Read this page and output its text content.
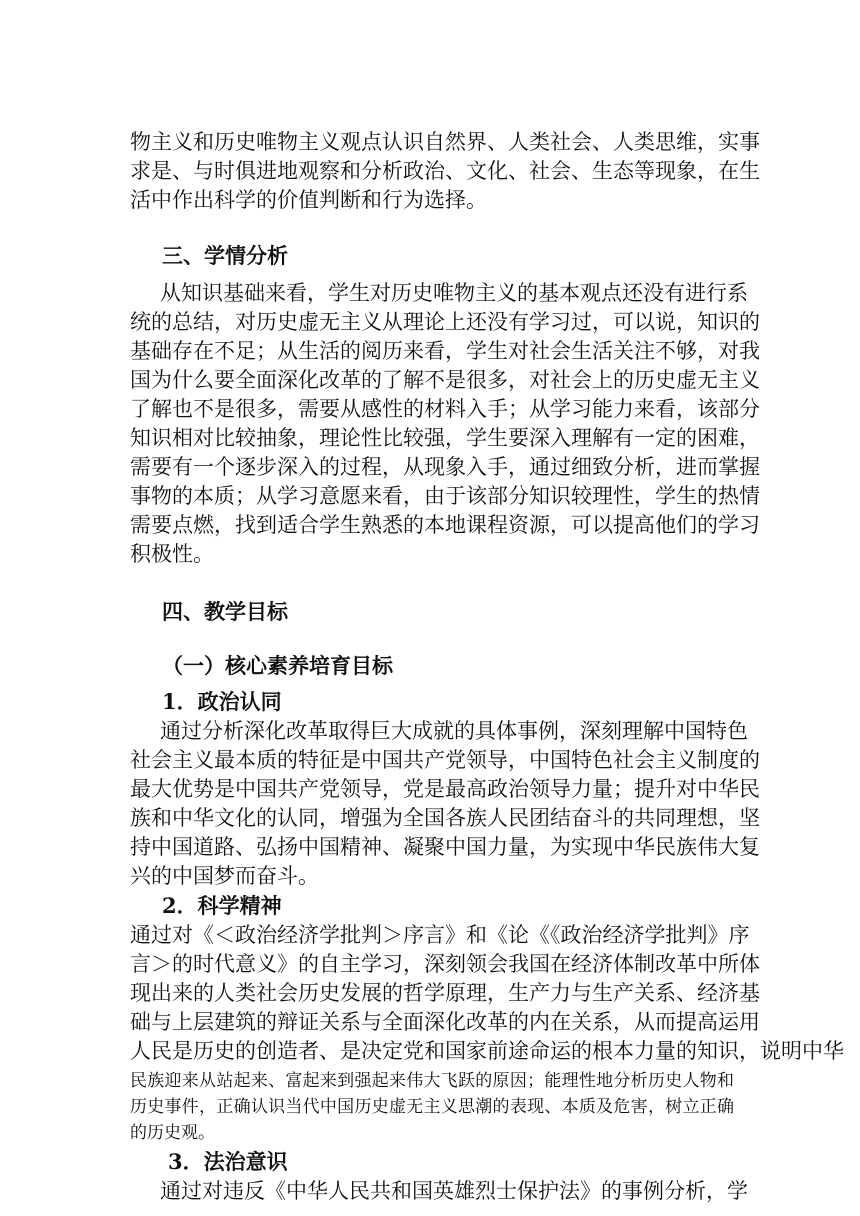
物主义和历史唯物主义观点认识自然界、人类社会、人类思维，实事
求是、与时俱进地观察和分析政治、文化、社会、生态等现象，在生
活中作出科学的价值判断和行为选择。
三、学情分析
从知识基础来看，学生对历史唯物主义的基本观点还没有进行系
统的总结，对历史虚无主义从理论上还没有学习过，可以说，知识的
基础存在不足；从生活的阅历来看，学生对社会生活关注不够，对我
国为什么要全面深化改革的了解不是很多，对社会上的历史虚无主义
了解也不是很多，需要从感性的材料入手；从学习能力来看，该部分
知识相对比较抽象，理论性比较强，学生要深入理解有一定的困难，
需要有一个逐步深入的过程，从现象入手，通过细致分析，进而掌握
事物的本质；从学习意愿来看，由于该部分知识较理性，学生的热情
需要点燃，找到适合学生熟悉的本地课程资源，可以提高他们的学习
积极性。
四、教学目标
（一）核心素养培育目标
1．政治认同
通过分析深化改革取得巨大成就的具体事例，深刻理解中国特色
社会主义最本质的特征是中国共产党领导，中国特色社会主义制度的
最大优势是中国共产党领导，党是最高政治领导力量；提升对中华民
族和中华文化的认同，增强为全国各族人民团结奋斗的共同理想，坚
持中国道路、弘扬中国精神、凝聚中国力量，为实现中华民族伟大复
兴的中国梦而奋斗。
2．科学精神
通过对《＜政治经济学批判＞序言》和《论《《政治经济学批判》序
言＞的时代意义》的自主学习，深刻领会我国在经济体制改革中所体
现出来的人类社会历史发展的哲学原理，生产力与生产关系、经济基
础与上层建筑的辩证关系与全面深化改革的内在关系，从而提高运用
人民是历史的创造者、是决定党和国家前途命运的根本力量的知识，说明中华
民族迎来从站起来、富起来到强起来伟大飞跃的原因；能理性地分析历史人物和
历史事件，正确认识当代中国历史虚无主义思潮的表现、本质及危害，树立正确
的历史观。
3．法治意识
通过对违反《中华人民共和国英雄烈士保护法》的事例分析，学
